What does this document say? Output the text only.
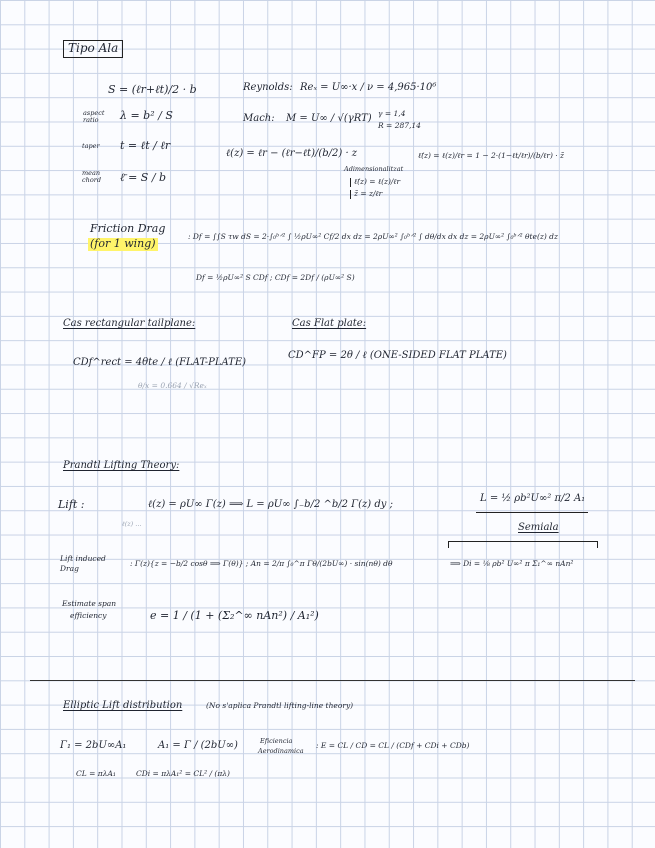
Tipo Ala
S = (ℓr+ℓt)/2 · b
aspect ratio	λ = b² / S
taper t = ℓt / ℓr
mean chord	ℓ̄ = S / b
Reynolds: Reₓ = U∞·x / ν = 4,965·10⁶
Mach: M = U∞ / √(γRT) γ = 1,4
R = 287,14
ℓ(z) = ℓr − (ℓr−ℓt)/(b/2) · z
Adimensionalitzat
ℓ̃(z) = ℓ(z)/ℓr = 1 − 2·(1−ℓt/ℓr)/(b/ℓr) · z̃
ℓ̃(z) = ℓ(z)/ℓr
z̃ = z/ℓr
Friction Drag
(for 1 wing)
: Df = ∫∫S τw dS = 2·∫₀ᵇᐟ² ∫ ½ρU∞² Cf/2 dx dz = 2ρU∞² ∫₀ᵇᐟ² ∫ dθ/dx dx dz = 2ρU∞² ∫₀ᵇᐟ² θte(z) dz
Df = ½ρU∞² S CDf ; CDf = 2Df / (ρU∞² S)
Cas rectangular tailplane:
CDf^rect = 4θte / ℓ (FLAT-PLATE)
θ/x = 0.664 / √Reₓ
Cas Flat plate:
CD^FP = 2θ / ℓ (ONE-SIDED FLAT PLATE)
Prandtl Lifting Theory:
Lift :	ℓ(z) = ρU∞ Γ(z) ⟹ L = ρU∞ ∫₋b/2 ^b/2 Γ(z) dy ;
ℓ(z) ...
L = ½ ρb²U∞² π/2 A₁
Semiala
Lift induced
Drag
: Γ(z){z = −b/2 cosθ ⟹ Γ(θ)} ; An = 2/π ∫₀^π Γθ/(2bU∞) · sin(nθ) dθ	⟹ Di = ⅛ ρb² U∞² π Σ₁^∞ nAn²
Estimate span
efficiency	e = 1 / (1 + (Σ₂^∞ nAn²) / A₁²)
Elliptic Lift distribution	(No s'aplica Prandtl lifting-line theory)
Γ₁ = 2bU∞A₁	A₁ = Γ / (2bU∞)	Eficiencia
Aerodinamica
: E = CL / CD = CL / (CDf + CDi + CDb)
CL = πλA₁	CDi = πλA₁² = CL² / (πλ)
